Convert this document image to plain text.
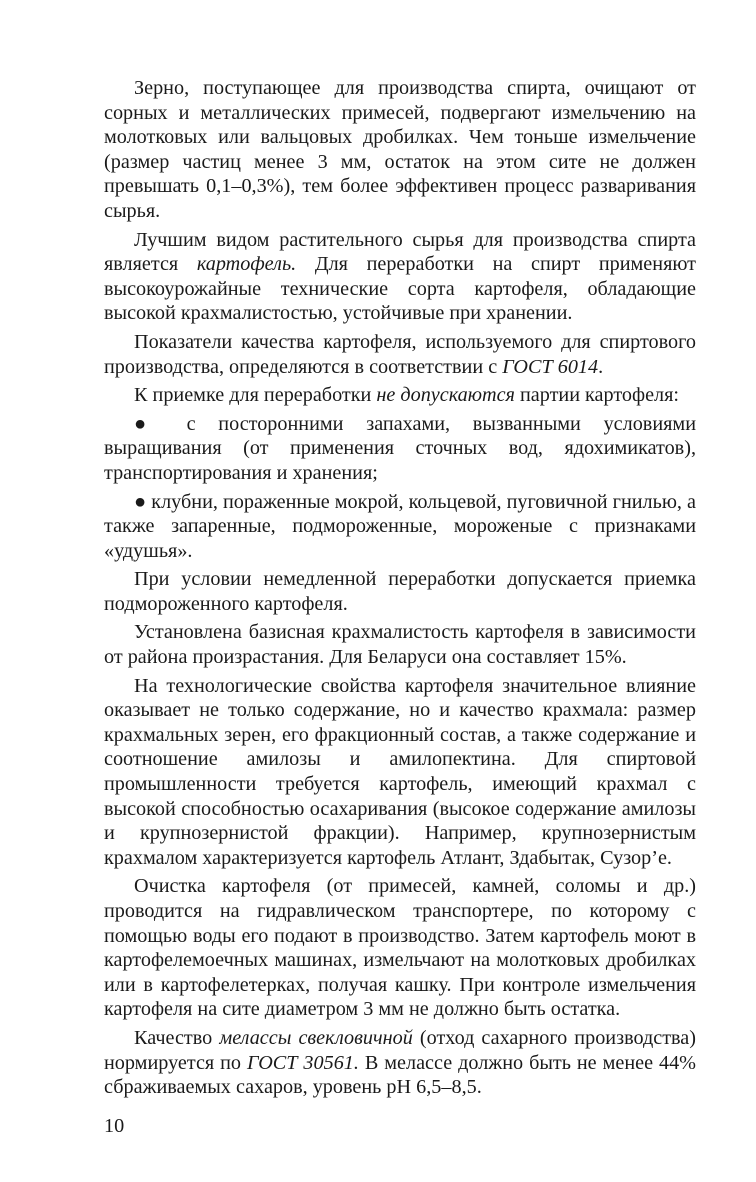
Зерно, поступающее для производства спирта, очищают от сорных и металлических примесей, подвергают измельчению на молотковых или вальцовых дробилках. Чем тоньше измельчение (размер частиц менее 3 мм, остаток на этом сите не должен превышать 0,1–0,3%), тем более эффективен процесс разваривания сырья.

Лучшим видом растительного сырья для производства спирта является картофель. Для переработки на спирт применяют высокоурожайные технические сорта картофеля, обладающие высокой крахмалистостью, устойчивые при хранении.

Показатели качества картофеля, используемого для спиртового производства, определяются в соответствии с ГОСТ 6014.

К приемке для переработки не допускаются партии картофеля:

● с посторонними запахами, вызванными условиями выращивания (от применения сточных вод, ядохимикатов), транспортирования и хранения;

● клубни, пораженные мокрой, кольцевой, пуговичной гнилью, а также запаренные, подмороженные, мороженые с признаками «удушья».

При условии немедленной переработки допускается приемка подмороженного картофеля.

Установлена базисная крахмалистость картофеля в зависимости от района произрастания. Для Беларуси она составляет 15%.

На технологические свойства картофеля значительное влияние оказывает не только содержание, но и качество крахмала: размер крахмальных зерен, его фракционный состав, а также содержание и соотношение амилозы и амилопектина. Для спиртовой промышленности требуется картофель, имеющий крахмал с высокой способностью осахаривания (высокое содержание амилозы и крупнозернистой фракции). Например, крупнозернистым крахмалом характеризуется картофель Атлант, Здабытак, Сузор’е.

Очистка картофеля (от примесей, камней, соломы и др.) проводится на гидравлическом транспортере, по которому с помощью воды его подают в производство. Затем картофель моют в картофелемоечных машинах, измельчают на молотковых дробилках или в картофелетерках, получая кашку. При контроле измельчения картофеля на сите диаметром 3 мм не должно быть остатка.

Качество мелассы свекловичной (отход сахарного производства) нормируется по ГОСТ 30561. В мелассе должно быть не менее 44% сбраживаемых сахаров, уровень рН 6,5–8,5.

10
